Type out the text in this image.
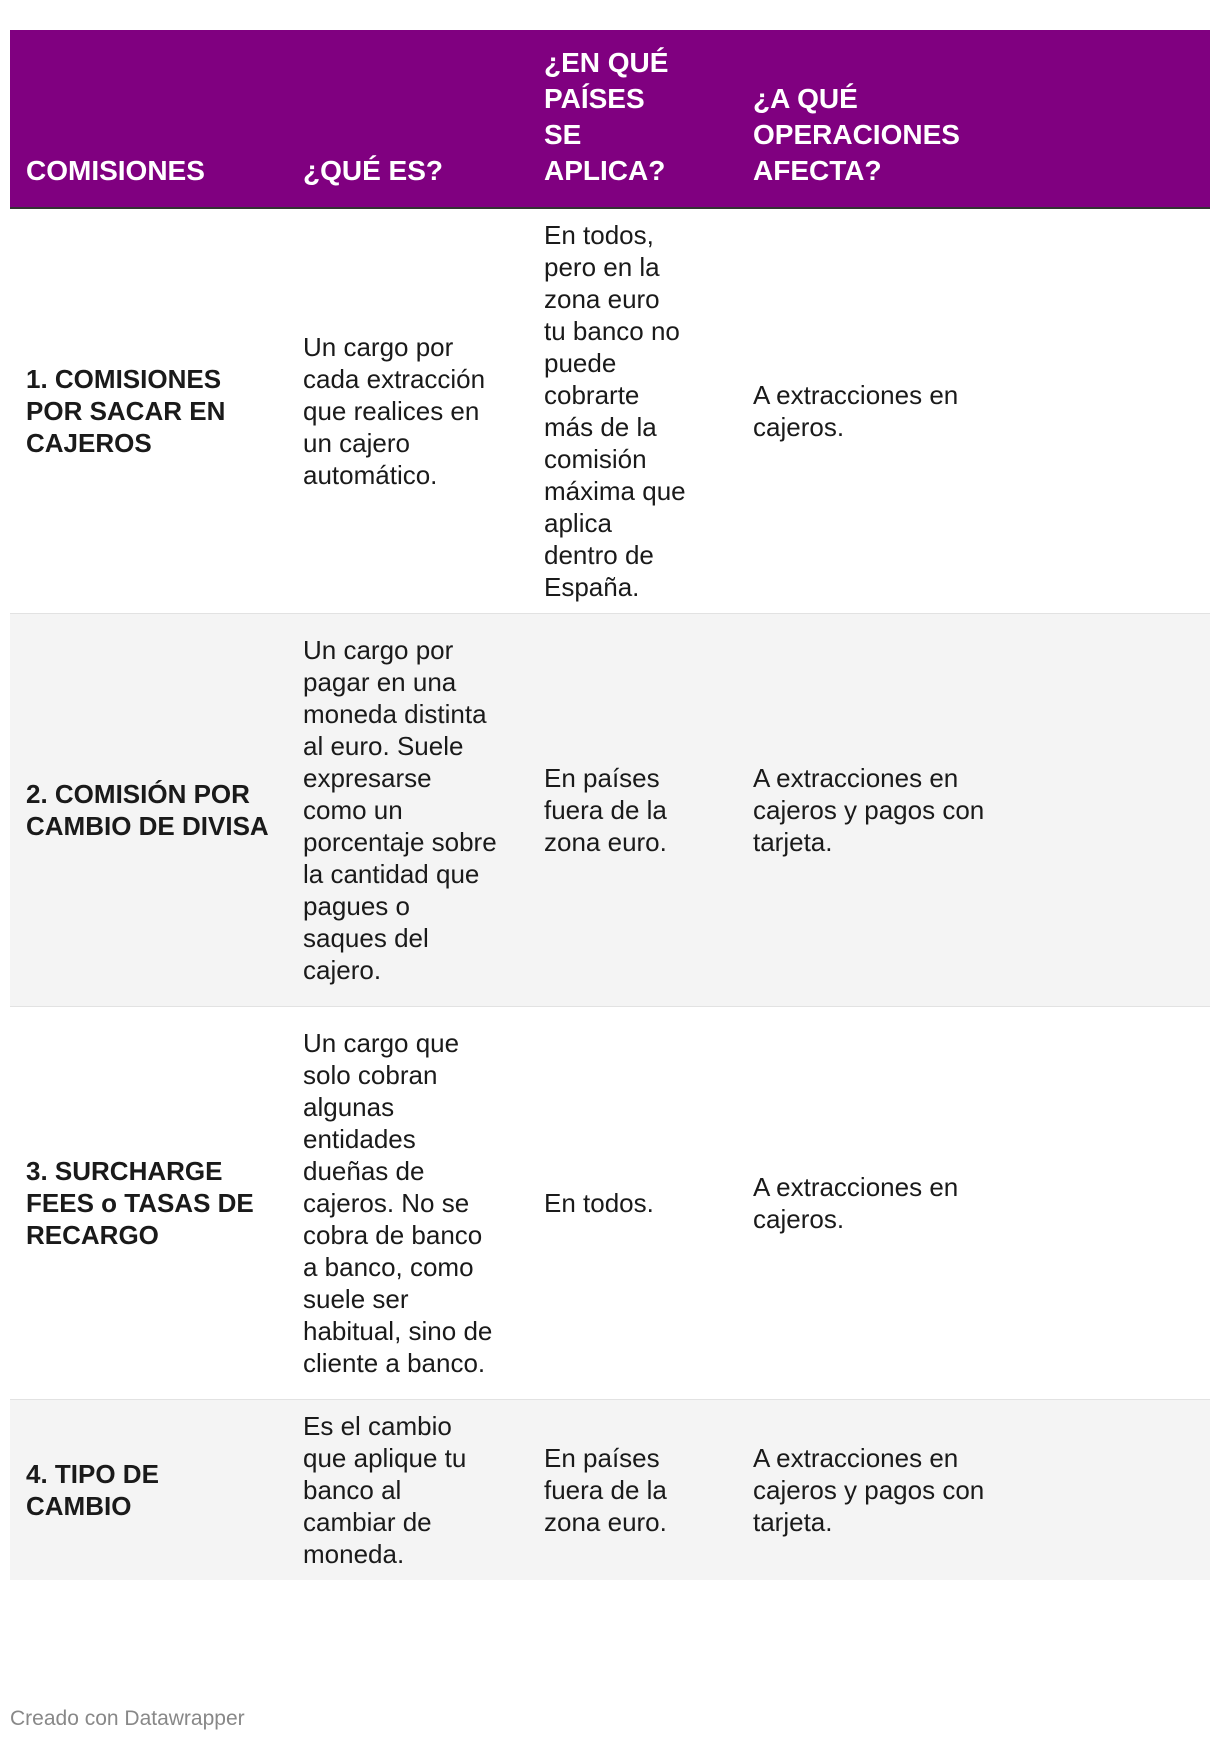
COMISIONES	¿QUÉ ES?	¿EN QUÉ PAÍSES SE APLICA?	¿A QUÉ OPERACIONES AFECTA?
1. COMISIONES POR SACAR EN CAJEROS	Un cargo por cada extracción que realices en un cajero automático.	En todos, pero en la zona euro tu banco no puede cobrarte más de la comisión máxima que aplica dentro de España.	A extracciones en cajeros.
2. COMISIÓN POR CAMBIO DE DIVISA	Un cargo por pagar en una moneda distinta al euro. Suele expresarse como un porcentaje sobre la cantidad que pagues o saques del cajero.	En países fuera de la zona euro.	A extracciones en cajeros y pagos con tarjeta.
3. SURCHARGE FEES o TASAS DE RECARGO	Un cargo que solo cobran algunas entidades dueñas de cajeros. No se cobra de banco a banco, como suele ser habitual, sino de cliente a banco.	En todos.	A extracciones en cajeros.
4. TIPO DE CAMBIO	Es el cambio que aplique tu banco al cambiar de moneda.	En países fuera de la zona euro.	A extracciones en cajeros y pagos con tarjeta.
Creado con Datawrapper
